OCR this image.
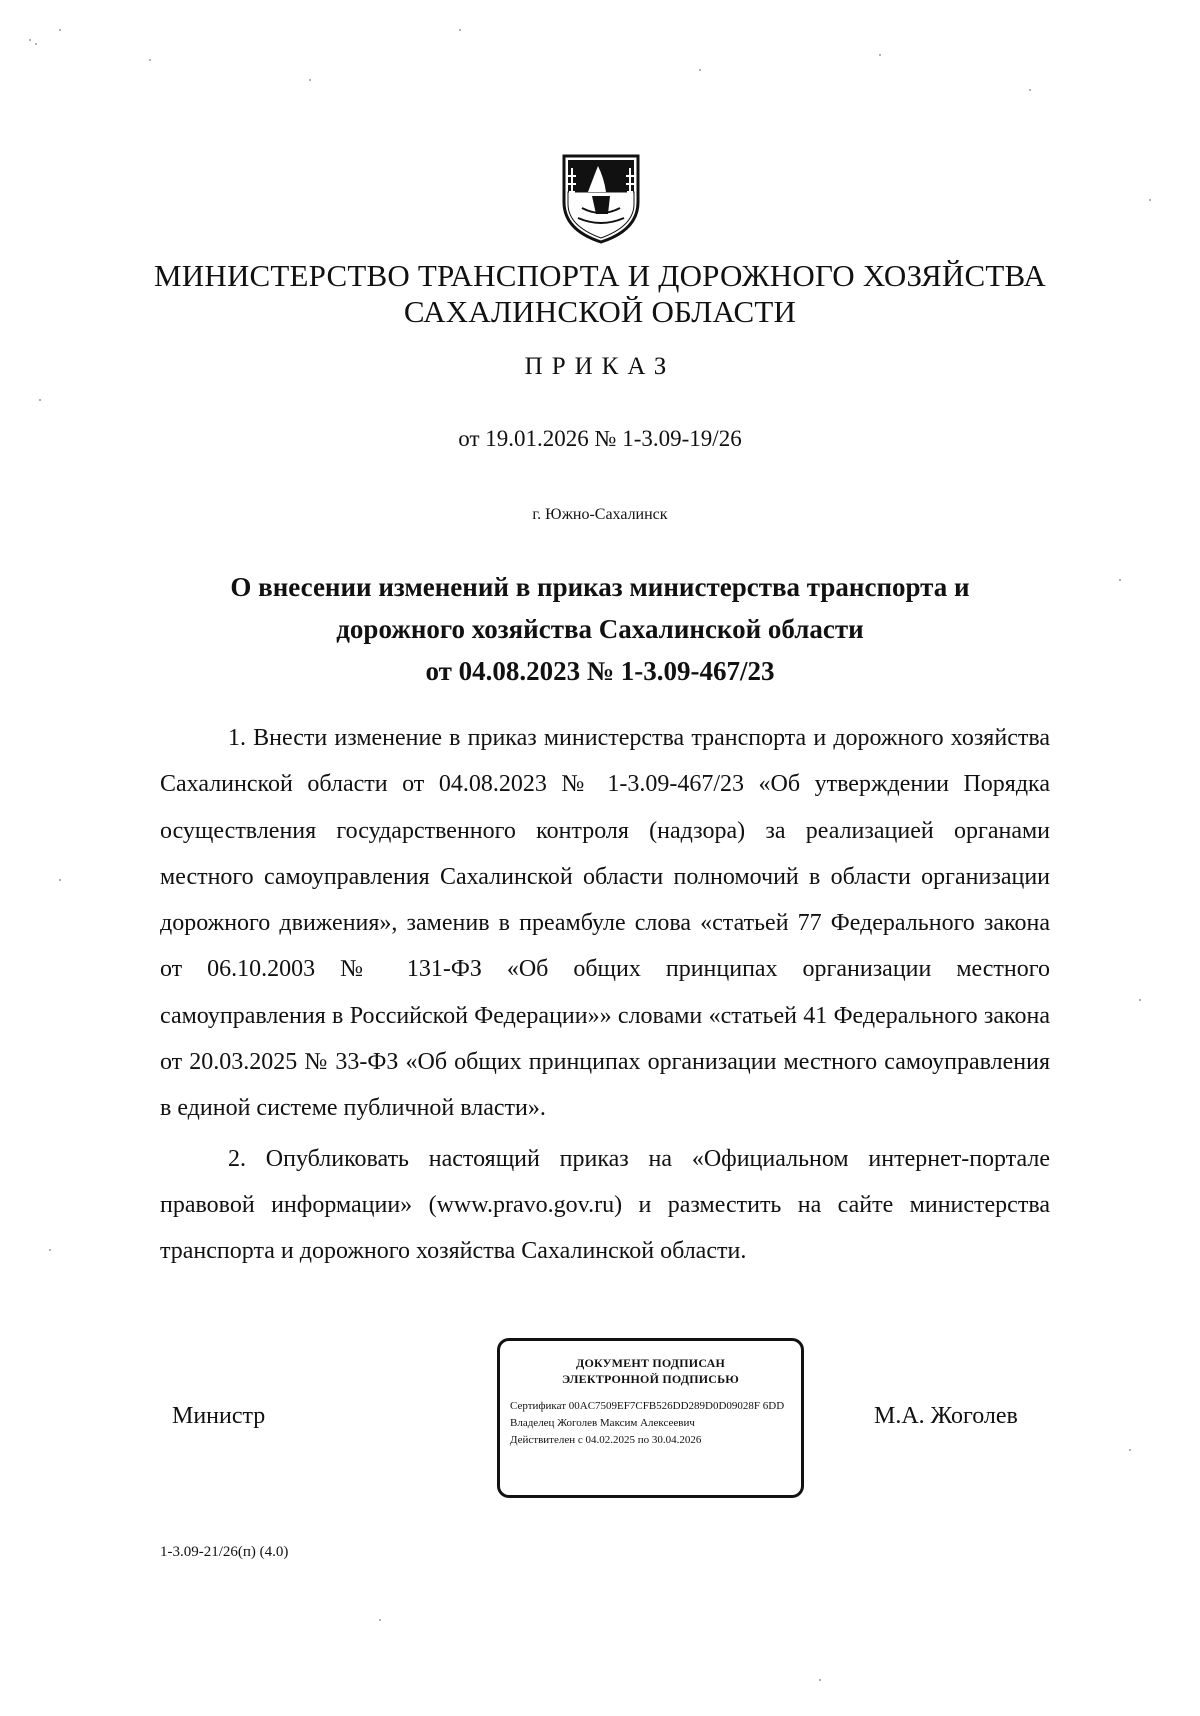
МИНИСТЕРСТВО ТРАНСПОРТА И ДОРОЖНОГО ХОЗЯЙСТВА
САХАЛИНСКОЙ ОБЛАСТИ
ПРИКАЗ
от 19.01.2026 № 1-3.09-19/26
г. Южно-Сахалинск
О внесении изменений в приказ министерства транспорта и
дорожного хозяйства Сахалинской области
от 04.08.2023 № 1-3.09-467/23

1. Внести изменение в приказ министерства транспорта и дорожного хозяйства Сахалинской области от 04.08.2023 № 1-3.09-467/23 «Об утверждении Порядка осуществления государственного контроля (надзора) за реализацией органами местного самоуправления Сахалинской области полномочий в области организации дорожного движения», заменив в преамбуле слова «статьей 77 Федерального закона от 06.10.2003 № 131-ФЗ «Об общих принципах организации местного самоуправления в Российской Федерации»» словами «статьей 41 Федерального закона от 20.03.2025 № 33-ФЗ «Об общих принципах организации местного самоуправления в единой системе публичной власти».

2. Опубликовать настоящий приказ на «Официальном интернет-портале правовой информации» (www.pravo.gov.ru) и разместить на сайте министерства транспорта и дорожного хозяйства Сахалинской области.

Министр
ДОКУМЕНТ ПОДПИСАН
ЭЛЕКТРОННОЙ ПОДПИСЬЮ
Сертификат 00AC7509EF7CFB526DD289D0D09028F 6DD
Владелец Жоголев Максим Алексеевич
Действителен с 04.02.2025 по 30.04.2026
М.А. Жоголев
1-3.09-21/26(п) (4.0)
